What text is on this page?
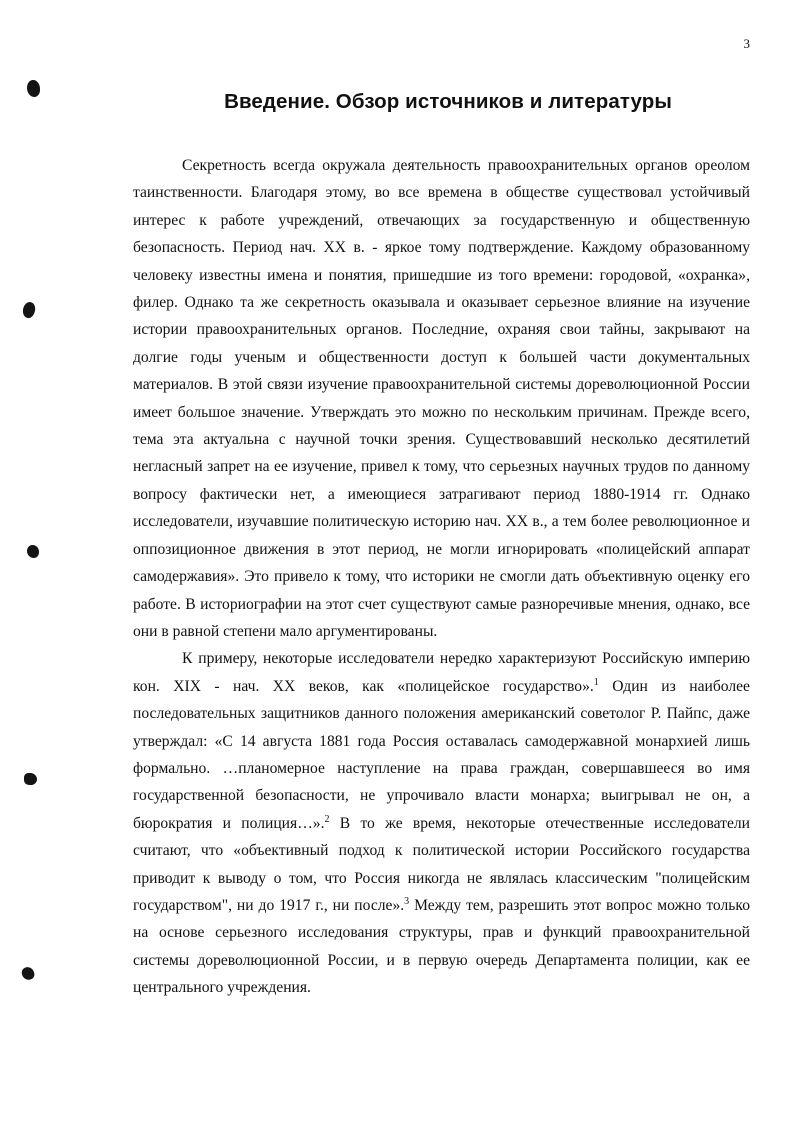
3
Введение. Обзор источников и литературы

Секретность всегда окружала деятельность правоохранительных органов ореолом таинственности. Благодаря этому, во все времена в обществе существовал устойчивый интерес к работе учреждений, отвечающих за государственную и общественную безопасность. Период нач. XX в. - яркое тому подтверждение. Каждому образованному человеку известны имена и понятия, пришедшие из того времени: городовой, «охранка», филер. Однако та же секретность оказывала и оказывает серьезное влияние на изучение истории правоохранительных органов. Последние, охраняя свои тайны, закрывают на долгие годы ученым и общественности доступ к большей части документальных материалов. В этой связи изучение правоохранительной системы дореволюционной России имеет большое значение. Утверждать это можно по нескольким причинам. Прежде всего, тема эта актуальна с научной точки зрения. Существовавший несколько десятилетий негласный запрет на ее изучение, привел к тому, что серьезных научных трудов по данному вопросу фактически нет, а имеющиеся затрагивают период 1880-1914 гг. Однако исследователи, изучавшие политическую историю нач. XX в., а тем более революционное и оппозиционное движения в этот период, не могли игнорировать «полицейский аппарат самодержавия». Это привело к тому, что историки не смогли дать объективную оценку его работе. В историографии на этот счет существуют самые разноречивые мнения, однако, все они в равной степени мало аргументированы.

К примеру, некоторые исследователи нередко характеризуют Российскую империю кон. XIX - нач. XX веков, как «полицейское государство».$^1$ Один из наиболее последовательных защитников данного положения американский советолог Р. Пайпс, даже утверждал: «С 14 августа 1881 года Россия оставалась самодержавной монархией лишь формально. …планомерное наступление на права граждан, совершавшееся во имя государственной безопасности, не упрочивало власти монарха; выигрывал не он, а бюрократия и полиция…».$^2$ В то же время, некоторые отечественные исследователи считают, что «объективный подход к политической истории Российского государства приводит к выводу о том, что Россия никогда не являлась классическим "полицейским государством", ни до 1917 г., ни после».$^3$ Между тем, разрешить этот вопрос можно только на основе серьезного исследования структуры, прав и функций правоохранительной системы дореволюционной России, и в первую очередь Департамента полиции, как ее центрального учреждения.
